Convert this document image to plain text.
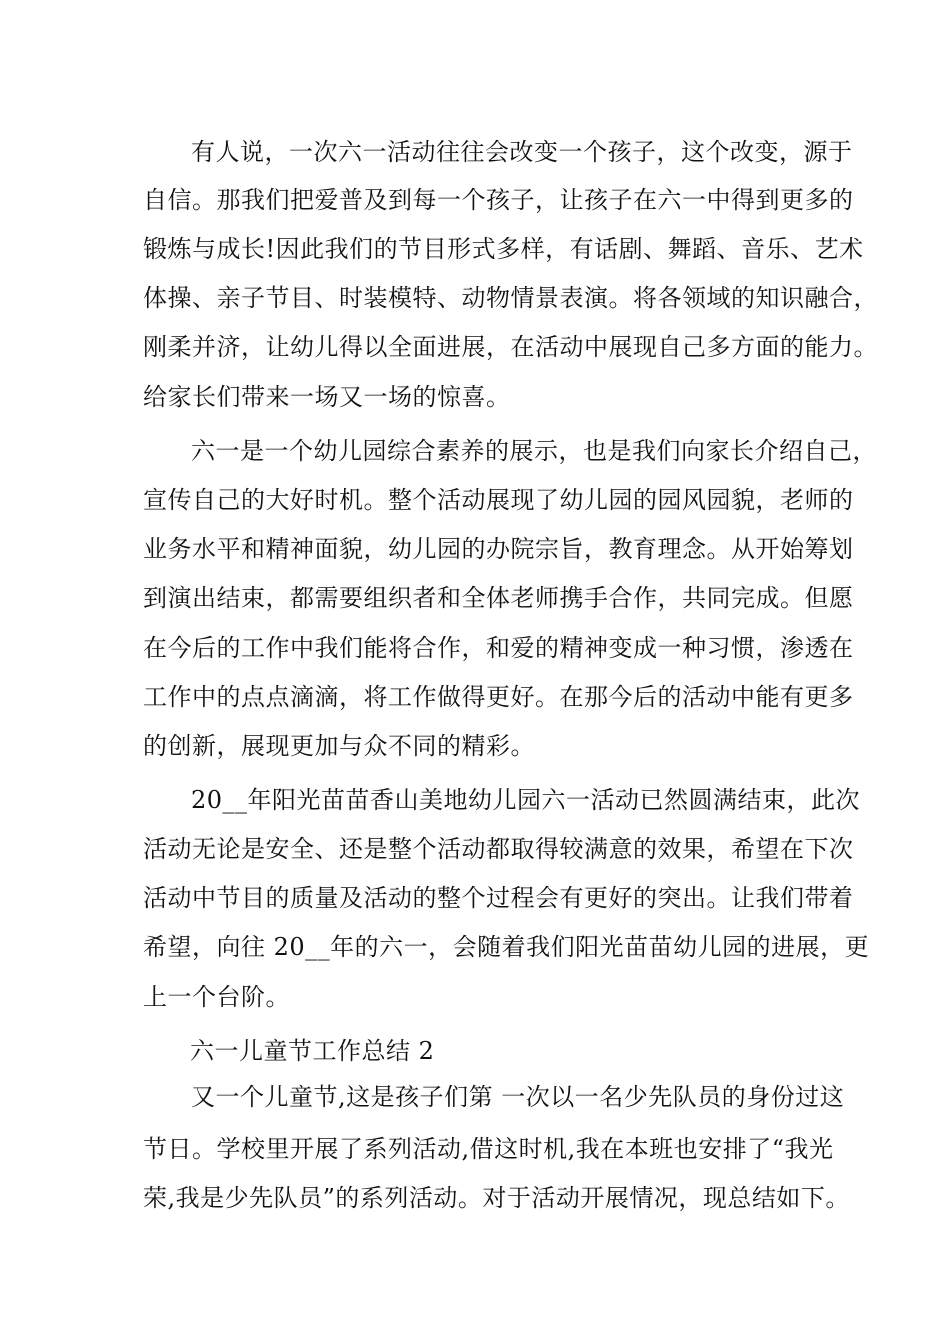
有人说，一次六一活动往往会改变一个孩子，这个改变，源于
自信。那我们把爱普及到每一个孩子，让孩子在六一中得到更多的
锻炼与成长!因此我们的节目形式多样，有话剧、舞蹈、音乐、艺术
体操、亲子节目、时装模特、动物情景表演。将各领域的知识融合，
刚柔并济，让幼儿得以全面进展，在活动中展现自己多方面的能力。
给家长们带来一场又一场的惊喜。
六一是一个幼儿园综合素养的展示，也是我们向家长介绍自己，
宣传自己的大好时机。整个活动展现了幼儿园的园风园貌，老师的
业务水平和精神面貌，幼儿园的办院宗旨，教育理念。从开始筹划
到演出结束，都需要组织者和全体老师携手合作，共同完成。但愿
在今后的工作中我们能将合作，和爱的精神变成一种习惯，渗透在
工作中的点点滴滴，将工作做得更好。在那今后的活动中能有更多
的创新，展现更加与众不同的精彩。
20__年阳光苗苗香山美地幼儿园六一活动已然圆满结束，此次
活动无论是安全、还是整个活动都取得较满意的效果，希望在下次
活动中节目的质量及活动的整个过程会有更好的突出。让我们带着
希望，向往 20__年的六一，会随着我们阳光苗苗幼儿园的进展，更
上一个台阶。
六一儿童节工作总结 2
又一个儿童节,这是孩子们第 一次以一名少先队员的身份过这
节日。学校里开展了系列活动,借这时机,我在本班也安排了“我光
荣,我是少先队员”的系列活动。对于活动开展情况，现总结如下。
